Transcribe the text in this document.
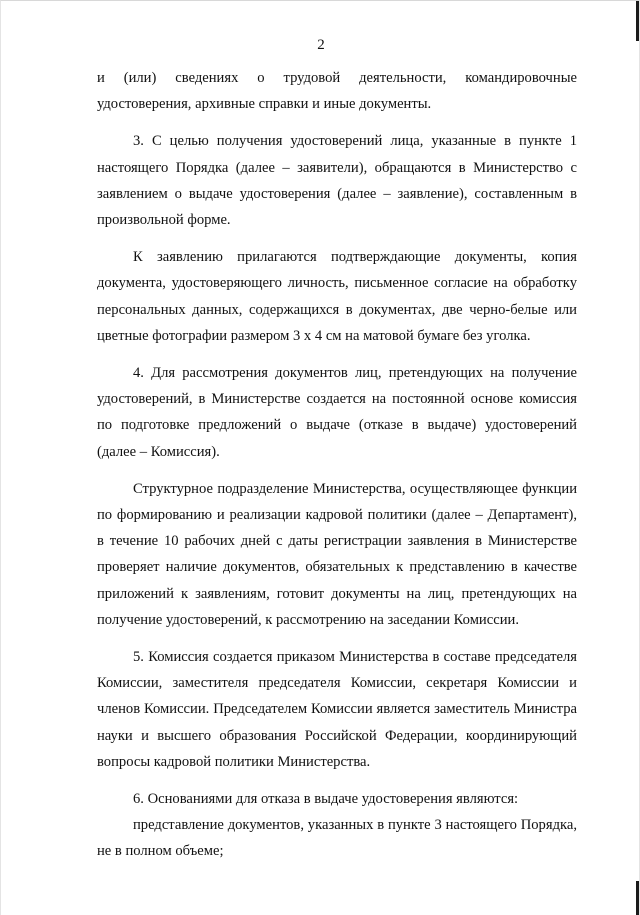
2

и (или) сведениях о трудовой деятельности, командировочные удостоверения, архивные справки и иные документы.

3. С целью получения удостоверений лица, указанные в пункте 1 настоящего Порядка (далее – заявители), обращаются в Министерство с заявлением о выдаче удостоверения (далее – заявление), составленным в произвольной форме.

К заявлению прилагаются подтверждающие документы, копия документа, удостоверяющего личность, письменное согласие на обработку персональных данных, содержащихся в документах, две черно-белые или цветные фотографии размером 3 х 4 см на матовой бумаге без уголка.

4. Для рассмотрения документов лиц, претендующих на получение удостоверений, в Министерстве создается на постоянной основе комиссия по подготовке предложений о выдаче (отказе в выдаче) удостоверений (далее – Комиссия).

Структурное подразделение Министерства, осуществляющее функции по формированию и реализации кадровой политики (далее – Департамент), в течение 10 рабочих дней с даты регистрации заявления в Министерстве проверяет наличие документов, обязательных к представлению в качестве приложений к заявлениям, готовит документы на лиц, претендующих на получение удостоверений, к рассмотрению на заседании Комиссии.

5. Комиссия создается приказом Министерства в составе председателя Комиссии, заместителя председателя Комиссии, секретаря Комиссии и членов Комиссии. Председателем Комиссии является заместитель Министра науки и высшего образования Российской Федерации, координирующий вопросы кадровой политики Министерства.

6. Основаниями для отказа в выдаче удостоверения являются:

представление документов, указанных в пункте 3 настоящего Порядка, не в полном объеме;
